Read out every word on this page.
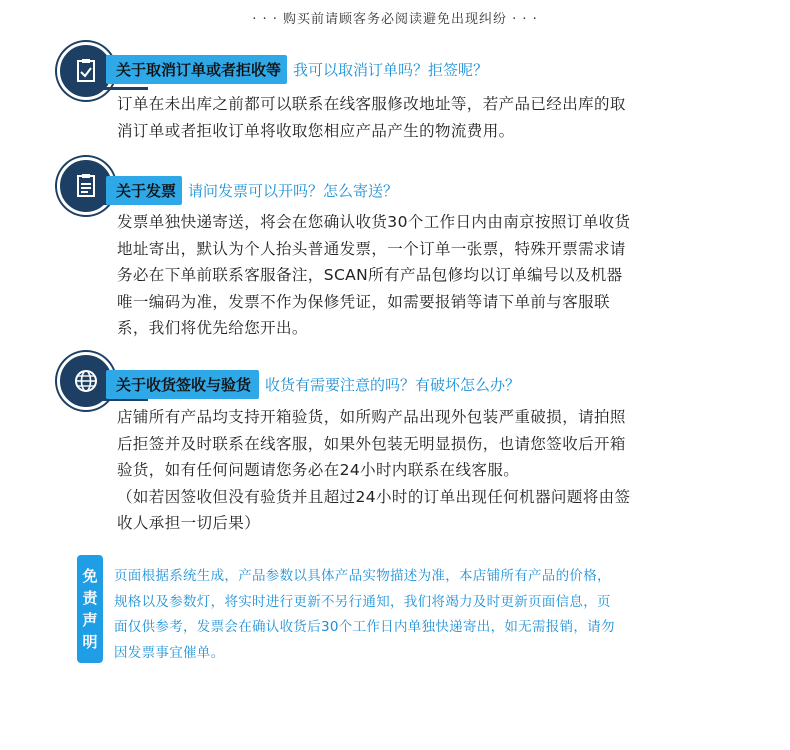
· · · 购买前请顾客务必阅读避免出现纠纷 · · ·
关于取消订单或者拒收等 我可以取消订单吗？拒签呢？

订单在未出库之前都可以联系在线客服修改地址等，若产品已经出库的取

消订单或者拒收订单将收取您相应产品产生的物流费用。

关于发票 请问发票可以开吗？怎么寄送？

发票单独快递寄送，将会在您确认收货30个工作日内由南京按照订单收货

地址寄出，默认为个人抬头普通发票，一个订单一张票，特殊开票需求请

务必在下单前联系客服备注，SCAN所有产品包修均以订单编号以及机器

唯一编码为准，发票不作为保修凭证，如需要报销等请下单前与客服联

系，我们将优先给您开出。

关于收货签收与验货 收货有需要注意的吗？有破坏怎么办？

店铺所有产品均支持开箱验货，如所购产品出现外包装严重破损，请拍照

后拒签并及时联系在线客服，如果外包装无明显损伤，也请您签收后开箱

验货，如有任何问题请您务必在24小时内联系在线客服。

（如若因签收但没有验货并且超过24小时的订单出现任何机器问题将由签

收人承担一切后果）

免
责
声
明

页面根据系统生成，产品参数以具体产品实物描述为准，本店铺所有产品的价格，

规格以及参数灯，将实时进行更新不另行通知，我们将竭力及时更新页面信息，页

面仅供参考，发票会在确认收货后30个工作日内单独快递寄出，如无需报销，请勿

因发票事宜催单。
